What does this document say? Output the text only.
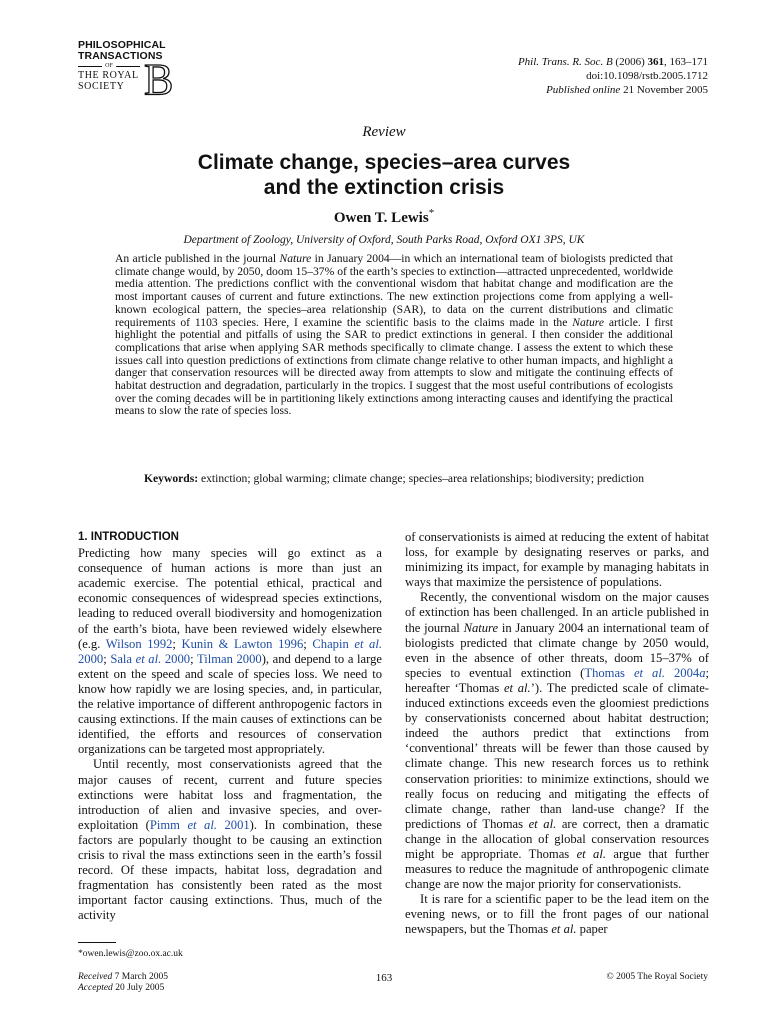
PHILOSOPHICAL
TRANSACTIONS
OF
THE ROYAL
SOCIETY B	Phil. Trans. R. Soc. B (2006) 361, 163–171
doi:10.1098/rstb.2005.1712
Published online 21 November 2005
Review
Climate change, species–area curves
and the extinction crisis
Owen T. Lewis*
Department of Zoology, University of Oxford, South Parks Road, Oxford OX1 3PS, UK
An article published in the journal Nature in January 2004—in which an international team of biologists predicted that climate change would, by 2050, doom 15–37% of the earth’s species to extinction—attracted unprecedented, worldwide media attention. The predictions conflict with the conventional wisdom that habitat change and modification are the most important causes of current and future extinctions. The new extinction projections come from applying a well-known ecological pattern, the species–area relationship (SAR), to data on the current distributions and climatic requirements of 1103 species. Here, I examine the scientific basis to the claims made in the Nature article. I first highlight the potential and pitfalls of using the SAR to predict extinctions in general. I then consider the additional complications that arise when applying SAR methods specifically to climate change. I assess the extent to which these issues call into question predictions of extinctions from climate change relative to other human impacts, and highlight a danger that conservation resources will be directed away from attempts to slow and mitigate the continuing effects of habitat destruction and degradation, particularly in the tropics. I suggest that the most useful contributions of ecologists over the coming decades will be in partitioning likely extinctions among interacting causes and identifying the practical means to slow the rate of species loss.
Keywords: extinction; global warming; climate change; species–area relationships; biodiversity; prediction
1. INTRODUCTION

Predicting how many species will go extinct as a consequence of human actions is more than just an academic exercise. The potential ethical, practical and economic consequences of widespread species extinctions, leading to reduced overall biodiversity and homogenization of the earth’s biota, have been reviewed widely elsewhere (e.g. Wilson 1992; Kunin & Lawton 1996; Chapin et al. 2000; Sala et al. 2000; Tilman 2000), and depend to a large extent on the speed and scale of species loss. We need to know how rapidly we are losing species, and, in particular, the relative importance of different anthropogenic factors in causing extinctions. If the main causes of extinctions can be identified, the efforts and resources of conservation organizations can be targeted most appropriately.

Until recently, most conservationists agreed that the major causes of recent, current and future species extinctions were habitat loss and fragmentation, the introduction of alien and invasive species, and over-exploitation (Pimm et al. 2001). In combination, these factors are popularly thought to be causing an extinction crisis to rival the mass extinctions seen in the earth’s fossil record. Of these impacts, habitat loss, degradation and fragmentation has consistently been rated as the most important factor causing extinctions. Thus, much of the activity

of conservationists is aimed at reducing the extent of habitat loss, for example by designating reserves or parks, and minimizing its impact, for example by managing habitats in ways that maximize the persistence of populations.

Recently, the conventional wisdom on the major causes of extinction has been challenged. In an article published in the journal Nature in January 2004 an international team of biologists predicted that climate change by 2050 would, even in the absence of other threats, doom 15–37% of species to eventual extinction (Thomas et al. 2004a; hereafter ‘Thomas et al.’). The predicted scale of climate-induced extinctions exceeds even the gloomiest predictions by conservationists concerned about habitat destruction; indeed the authors predict that extinctions from ‘conventional’ threats will be fewer than those caused by climate change. This new research forces us to rethink conservation priorities: to minimize extinctions, should we really focus on reducing and mitigating the effects of climate change, rather than land-use change? If the predictions of Thomas et al. are correct, then a dramatic change in the allocation of global conservation resources might be appropriate. Thomas et al. argue that further measures to reduce the magnitude of anthropogenic climate change are now the major priority for conservationists.

It is rare for a scientific paper to be the lead item on the evening news, or to fill the front pages of our national newspapers, but the Thomas et al. paper

*owen.lewis@zoo.ox.ac.uk
Received 7 March 2005
Accepted 20 July 2005
163	© 2005 The Royal Society
